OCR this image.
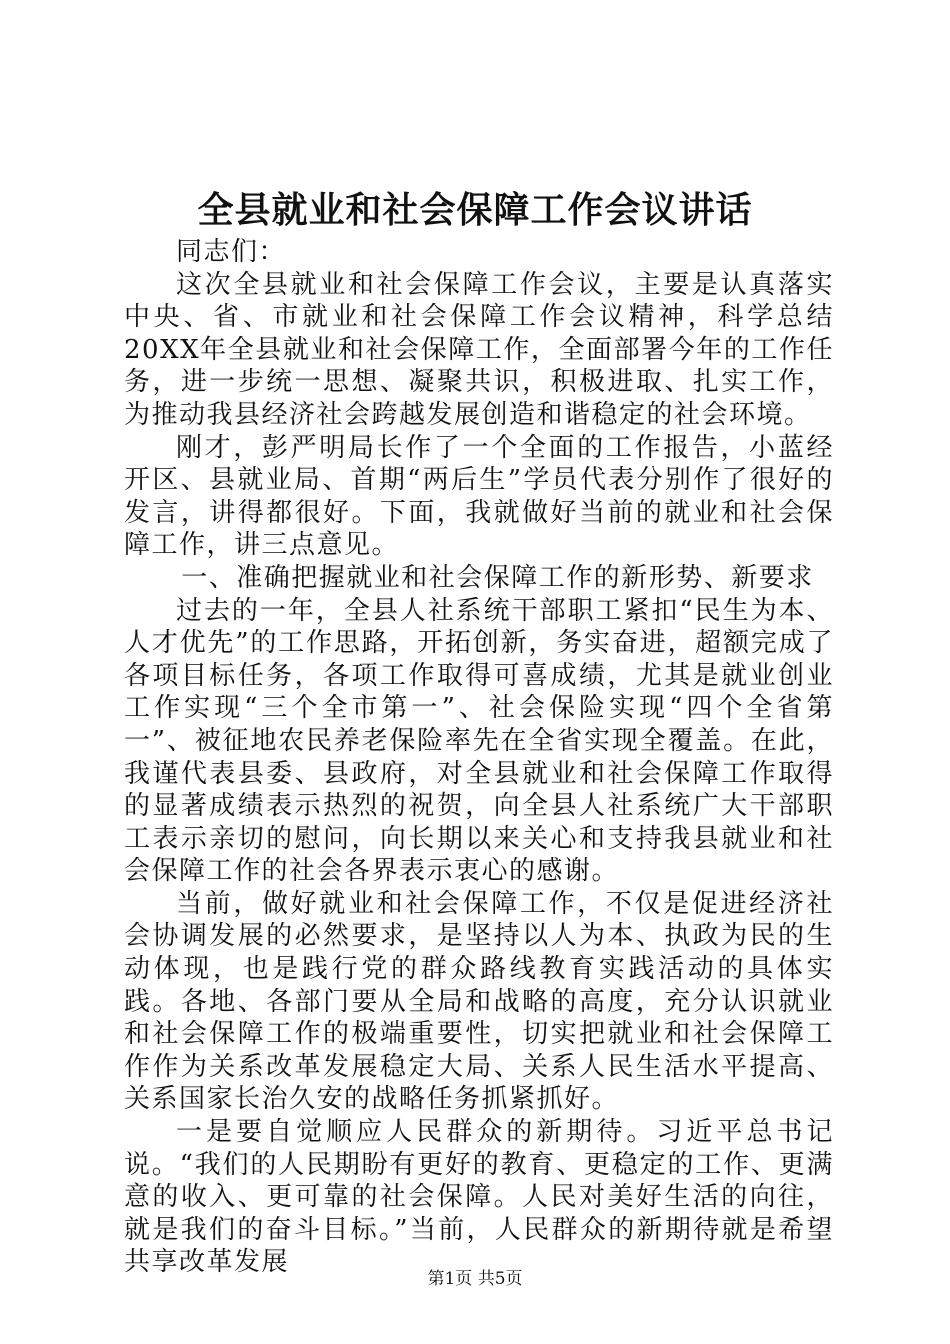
全县就业和社会保障工作会议讲话

同志们：

这次全县就业和社会保障工作会议，主要是认真落实中央、省、市就业和社会保障工作会议精神，科学总结20XX年全县就业和社会保障工作，全面部署今年的工作任务，进一步统一思想、凝聚共识，积极进取、扎实工作，为推动我县经济社会跨越发展创造和谐稳定的社会环境。

刚才，彭严明局长作了一个全面的工作报告，小蓝经开区、县就业局、首期“两后生”学员代表分别作了很好的发言，讲得都很好。下面，我就做好当前的就业和社会保障工作，讲三点意见。

一、准确把握就业和社会保障工作的新形势、新要求

过去的一年，全县人社系统干部职工紧扣“民生为本、人才优先”的工作思路，开拓创新，务实奋进，超额完成了各项目标任务，各项工作取得可喜成绩，尤其是就业创业工作实现“三个全市第一”、社会保险实现“四个全省第一”、被征地农民养老保险率先在全省实现全覆盖。在此，我谨代表县委、县政府，对全县就业和社会保障工作取得的显著成绩表示热烈的祝贺，向全县人社系统广大干部职工表示亲切的慰问，向长期以来关心和支持我县就业和社会保障工作的社会各界表示衷心的感谢。

当前，做好就业和社会保障工作，不仅是促进经济社会协调发展的必然要求，是坚持以人为本、执政为民的生动体现，也是践行党的群众路线教育实践活动的具体实践。各地、各部门要从全局和战略的高度，充分认识就业和社会保障工作的极端重要性，切实把就业和社会保障工作作为关系改革发展稳定大局、关系人民生活水平提高、关系国家长治久安的战略任务抓紧抓好。

一是要自觉顺应人民群众的新期待。习近平总书记说。“我们的人民期盼有更好的教育、更稳定的工作、更满意的收入、更可靠的社会保障。人民对美好生活的向往，就是我们的奋斗目标。”当前，人民群众的新期待就是希望共享改革发展

第1页 共5页
